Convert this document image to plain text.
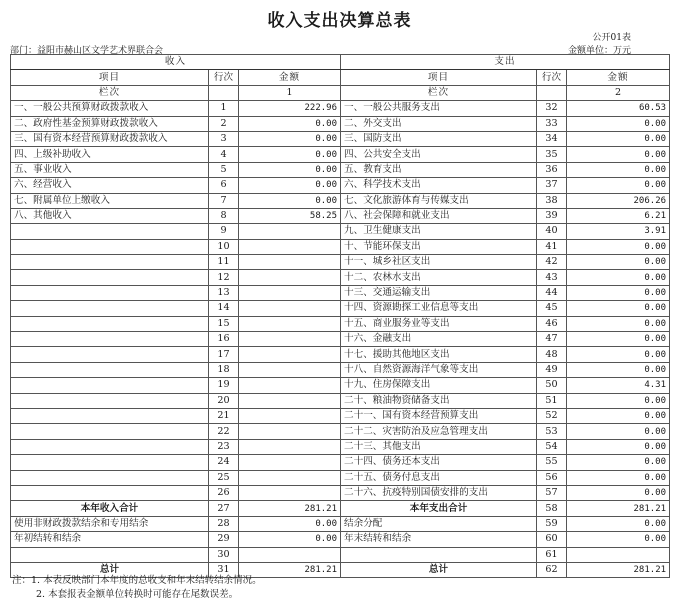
收入支出决算总表
公开01表
金额单位：万元
部门：益阳市赫山区文学艺术界联合会
收入			支出		
项目	行次	金额	项目	行次	金额
栏次		1	栏次		2
一、一般公共预算财政拨款收入	1	222.96	一、一般公共服务支出	32	60.53
二、政府性基金预算财政拨款收入	2	0.00	二、外交支出	33	0.00
三、国有资本经营预算财政拨款收入	3	0.00	三、国防支出	34	0.00
四、上级补助收入	4	0.00	四、公共安全支出	35	0.00
五、事业收入	5	0.00	五、教育支出	36	0.00
六、经营收入	6	0.00	六、科学技术支出	37	0.00
七、附属单位上缴收入	7	0.00	七、文化旅游体育与传媒支出	38	206.26
八、其他收入	8	58.25	八、社会保障和就业支出	39	6.21
	9		九、卫生健康支出	40	3.91
	10		十、节能环保支出	41	0.00
	11		十一、城乡社区支出	42	0.00
	12		十二、农林水支出	43	0.00
	13		十三、交通运输支出	44	0.00
	14		十四、资源勘探工业信息等支出	45	0.00
	15		十五、商业服务业等支出	46	0.00
	16		十六、金融支出	47	0.00
	17		十七、援助其他地区支出	48	0.00
	18		十八、自然资源海洋气象等支出	49	0.00
	19		十九、住房保障支出	50	4.31
	20		二十、粮油物资储备支出	51	0.00
	21		二十一、国有资本经营预算支出	52	0.00
	22		二十二、灾害防治及应急管理支出	53	0.00
	23		二十三、其他支出	54	0.00
	24		二十四、债务还本支出	55	0.00
	25		二十五、债务付息支出	56	0.00
	26		二十六、抗疫特别国债安排的支出	57	0.00
本年收入合计	27	281.21	本年支出合计	58	281.21
使用非财政拨款结余和专用结余	28	0.00	结余分配	59	0.00
年初结转和结余	29	0.00	年末结转和结余	60	0.00
	30			61	
总计	31	281.21	总计	62	281.21
注：1. 本表反映部门本年度的总收支和年末结转结余情况。
2. 本套报表金额单位转换时可能存在尾数误差。
